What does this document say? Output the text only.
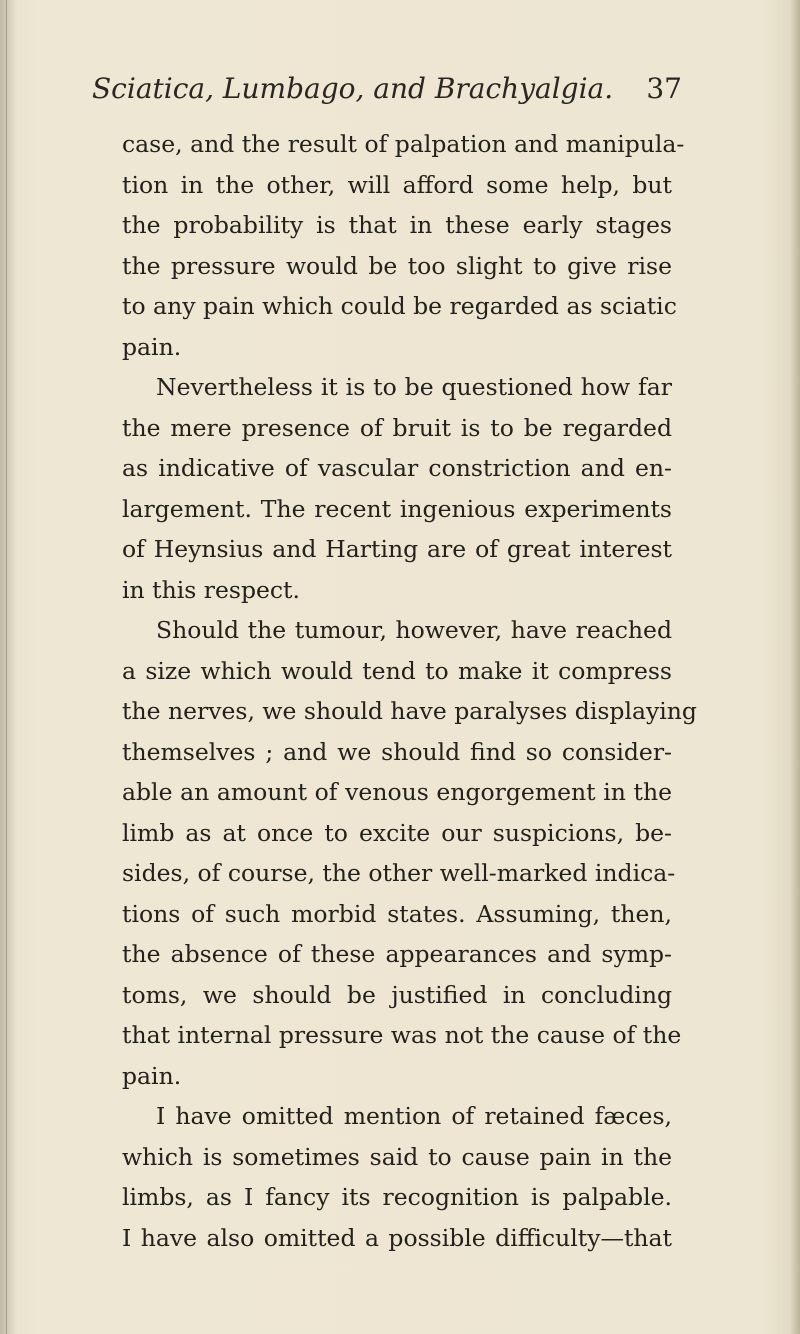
Sciatica, Lumbago, and Brachyalgia. 37
case, and the result of palpation and manipula-
tion in the other, will afford some help, but
the probability is that in these early stages
the pressure would be too slight to give rise
to any pain which could be regarded as sciatic
pain.
Nevertheless it is to be questioned how far
the mere presence of bruit is to be regarded
as indicative of vascular constriction and en-
largement. The recent ingenious experiments
of Heynsius and Harting are of great interest
in this respect.
Should the tumour, however, have reached
a size which would tend to make it compress
the nerves, we should have paralyses displaying
themselves ; and we should find so consider-
able an amount of venous engorgement in the
limb as at once to excite our suspicions, be-
sides, of course, the other well-marked indica-
tions of such morbid states. Assuming, then,
the absence of these appearances and symp-
toms, we should be justified in concluding
that internal pressure was not the cause of the
pain.
I have omitted mention of retained fæces,
which is sometimes said to cause pain in the
limbs, as I fancy its recognition is palpable.
I have also omitted a possible difficulty—that
